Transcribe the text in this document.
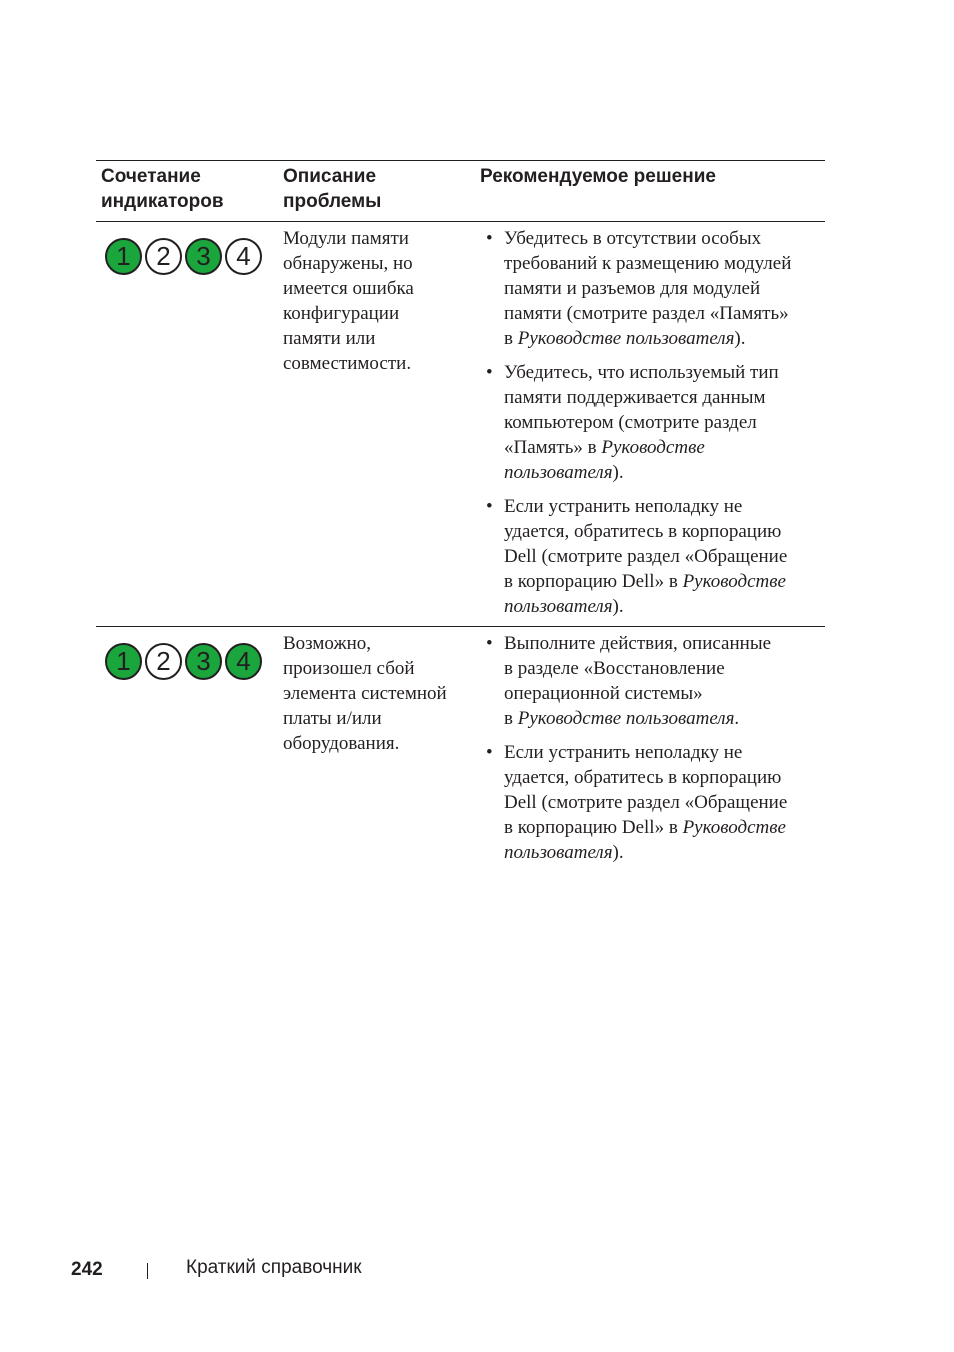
Сочетание
индикаторов
Описание
проблемы
Рекомендуемое решение
1 2 3 4
Модули памяти
обнаружены, но
имеется ошибка
конфигурации
памяти или
совместимости.
• Убедитесь в отсутствии особых
требований к размещению модулей
памяти и разъемов для модулей
памяти (смотрите раздел «Память»
в Руководстве пользователя).
• Убедитесь, что используемый тип
памяти поддерживается данным
компьютером (смотрите раздел
«Память» в Руководстве
пользователя).
• Если устранить неполадку не
удается, обратитесь в корпорацию
Dell (смотрите раздел «Обращение
в корпорацию Dell» в Руководстве
пользователя).
1 2 3 4
Возможно,
произошел сбой
элемента системной
платы и/или
оборудования.
• Выполните действия, описанные
в разделе «Восстановление
операционной системы»
в Руководстве пользователя.
• Если устранить неполадку не
удается, обратитесь в корпорацию
Dell (смотрите раздел «Обращение
в корпорацию Dell» в Руководстве
пользователя).
242	Краткий справочник
